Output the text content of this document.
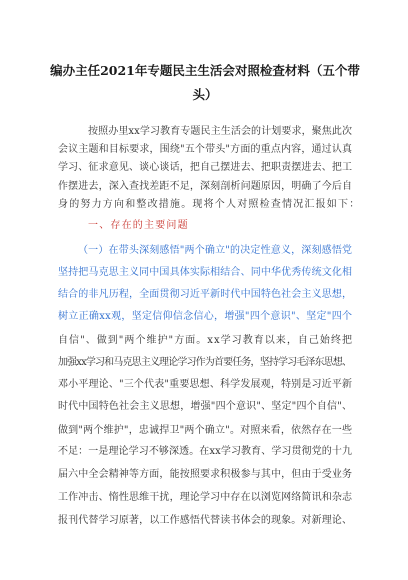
编办主任2021年专题民主生活会对照检查材料（五个带
头）
按照办里xx学习教育专题民主生活会的计划要求，聚焦此次
会议主题和目标要求，围绕"五个带头"方面的重点内容，通过认真
学习、征求意见、谈心谈话，把自己摆进去、把职责摆进去、把工
作摆进去，深入查找差距不足，深刻剖析问题原因，明确了今后自
身的努力方向和整改措施。现将个人对照检查情况汇报如下：
一、存在的主要问题
（一）在带头深刻感悟"两个确立"的决定性意义，深刻感悟党
坚持把马克思主义同中国具体实际相结合、同中华优秀传统文化相
结合的非凡历程，全面贯彻习近平新时代中国特色社会主义思想，
树立正确xx观，坚定信仰信念信心，增强"四个意识"、坚定"四个
自信"、做到"两个维护"方面。xx学习教育以来，自己始终把
加强xx学习和马克思主义理论学习作为首要任务，坚持学习毛泽东思想、
邓小平理论、"三个代表"重要思想、科学发展观，特别是习近平新
时代中国特色社会主义思想，增强"四个意识"、坚定"四个自信"、
做到"两个维护"，忠诚捍卫"两个确立"。对照来看，依然存在一些
不足：一是理论学习不够深透。在xx学习教育、学习贯彻党的十九
届六中全会精神等方面，能按照要求积极参与其中，但由于受业务
工作冲击、惰性思维干扰，理论学习中存在以浏览网络简讯和杂志
报刊代替学习原著，以工作感悟代替读书体会的现象。对新理论、
